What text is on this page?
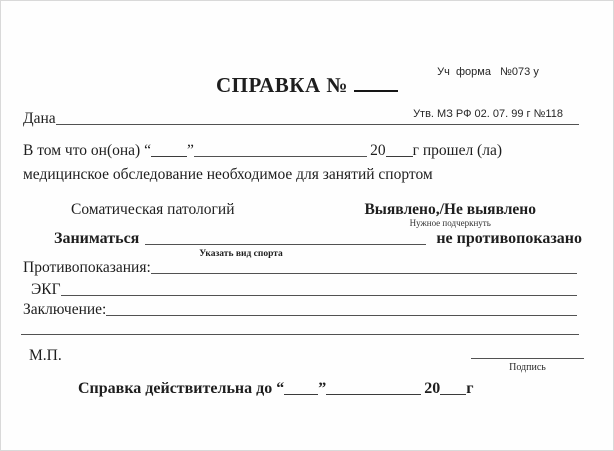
Уч  форма   №073 у

Утв. МЗ РФ 02. 07. 99 г №118

СПРАВКА №
Дана
В том что он(она) “ ”	20 г прошел (ла)
медицинское обследование необходимое для занятий спортом
Соматическая патологий	Выявлено,/Не выявлено
Нужное подчеркнуть
Заниматься	не противопоказано
Указать вид спорта
Противопоказания:
ЭКГ
Заключение:
М.П.
Подпись
Справка действительна до “ ”	20 г
